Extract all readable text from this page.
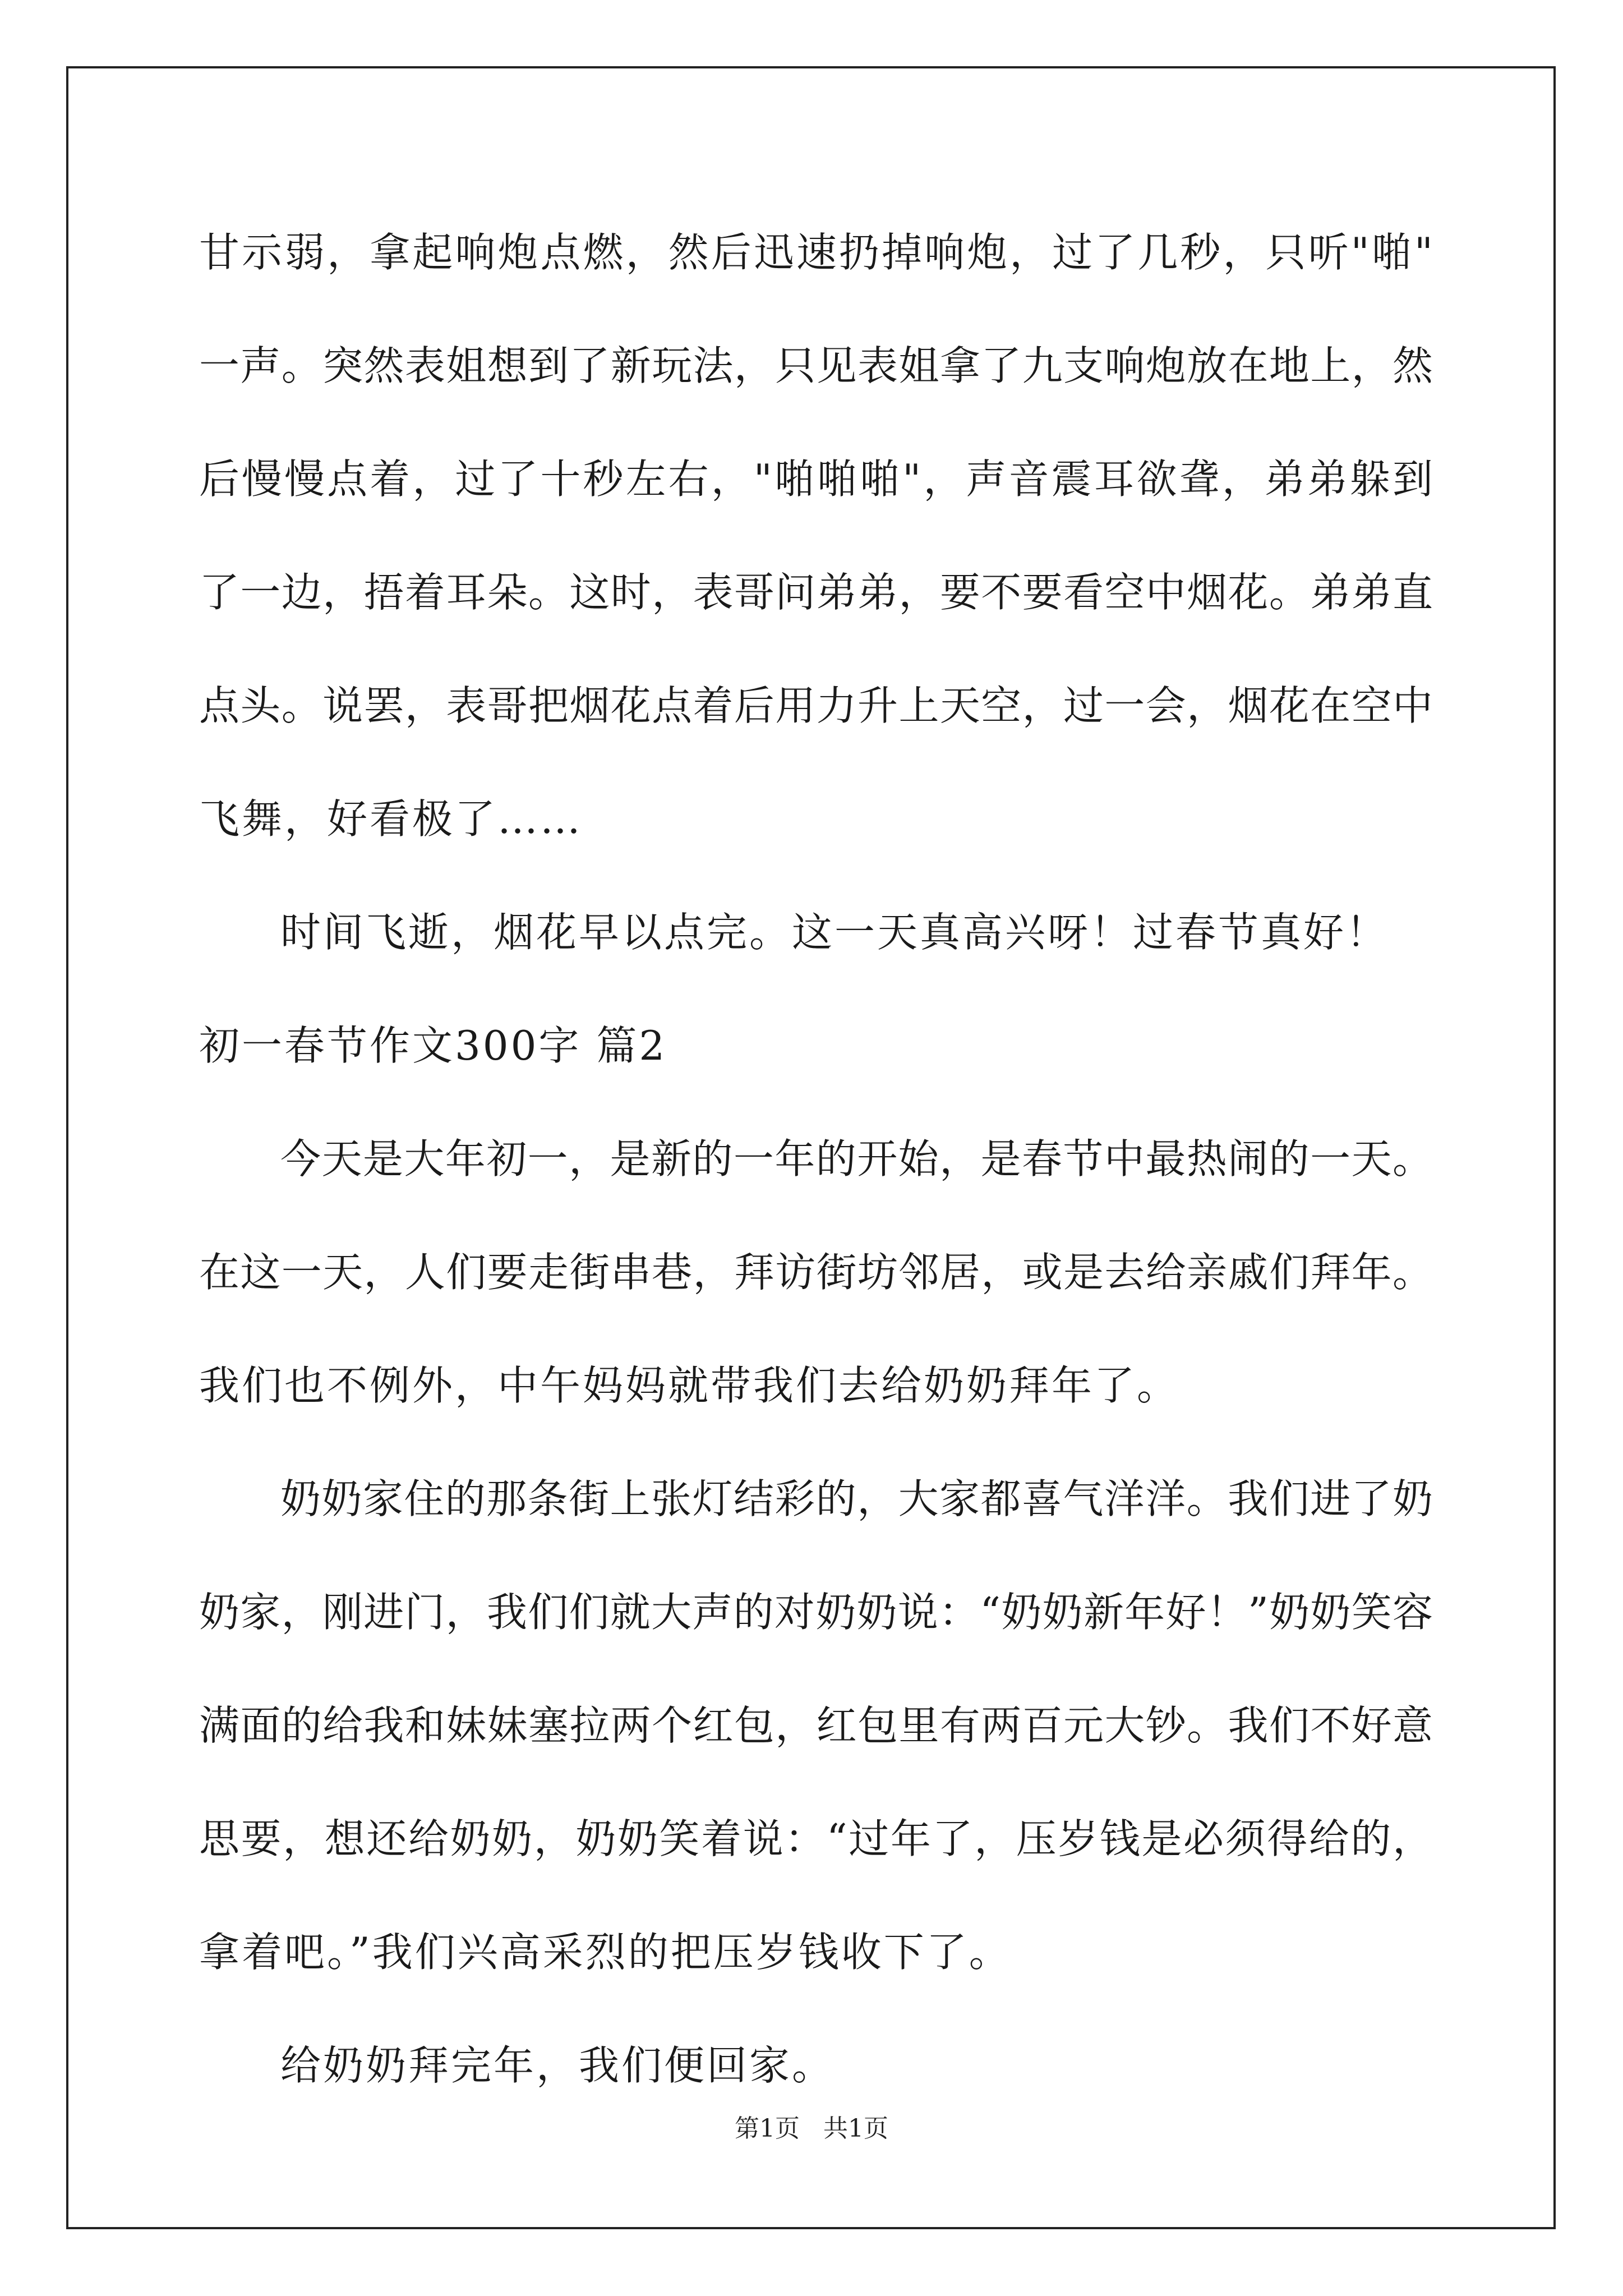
甘示弱，拿起响炮点燃，然后迅速扔掉响炮，过了几秒，只听"啪"
一声。突然表姐想到了新玩法，只见表姐拿了九支响炮放在地上，然
后慢慢点着，过了十秒左右，"啪啪啪"，声音震耳欲聋，弟弟躲到
了一边，捂着耳朵。这时，表哥问弟弟，要不要看空中烟花。弟弟直
点头。说罢，表哥把烟花点着后用力升上天空，过一会，烟花在空中
飞舞，好看极了……
时间飞逝，烟花早以点完。这一天真高兴呀！过春节真好！
初一春节作文300字 篇2
今天是大年初一，是新的一年的开始，是春节中最热闹的一天。
在这一天，人们要走街串巷，拜访街坊邻居，或是去给亲戚们拜年。
我们也不例外，中午妈妈就带我们去给奶奶拜年了。
奶奶家住的那条街上张灯结彩的，大家都喜气洋洋。我们进了奶
奶家，刚进门，我们们就大声的对奶奶说：“奶奶新年好！”奶奶笑容
满面的给我和妹妹塞拉两个红包，红包里有两百元大钞。我们不好意
思要，想还给奶奶，奶奶笑着说：“过年了，压岁钱是必须得给的，
拿着吧。”我们兴高采烈的把压岁钱收下了。
给奶奶拜完年，我们便回家。
第1页 共1页
